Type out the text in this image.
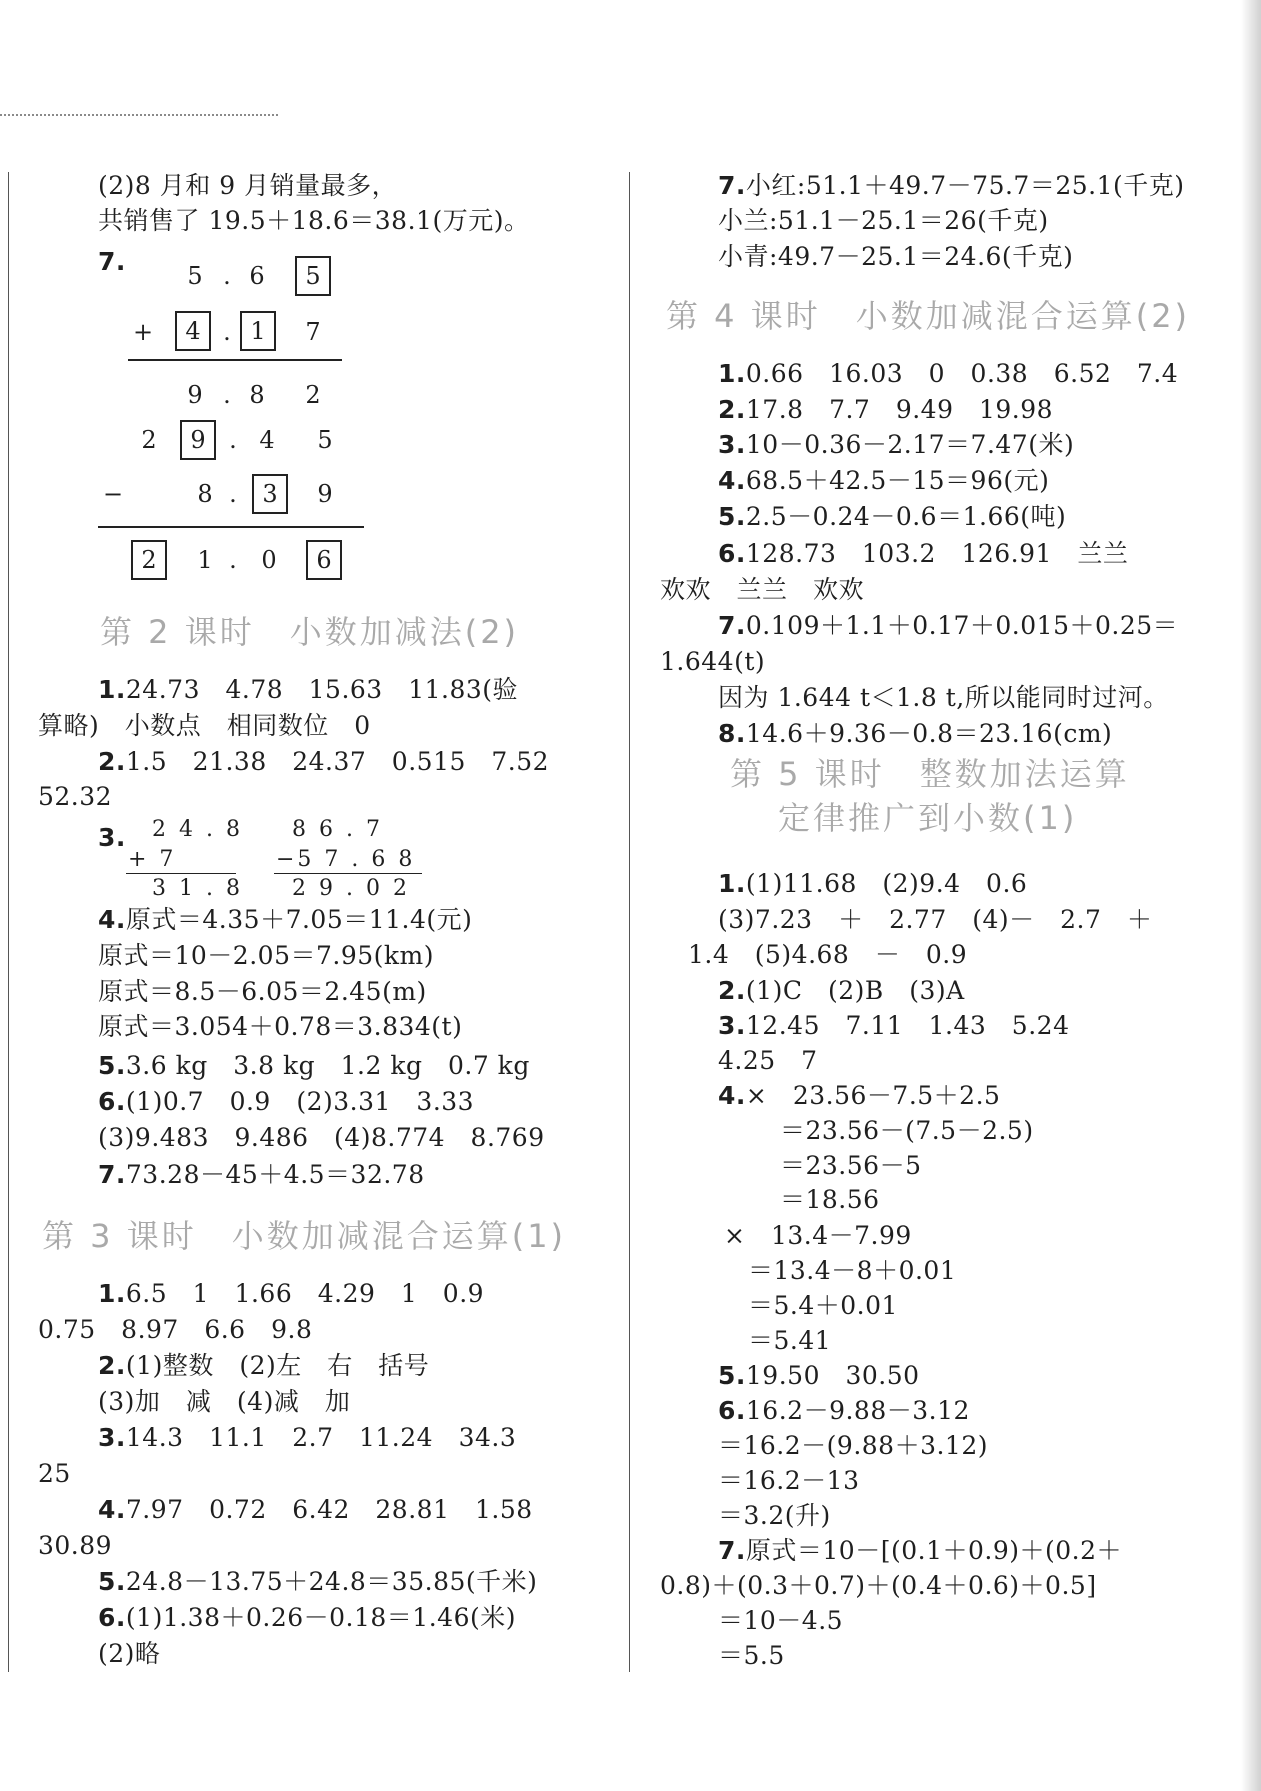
(2)8 月和 9 月销量最多，
共销售了 19.5＋18.6＝38.1(万元)。
7.	5 . 6	5
+	4 . 1	7
9 . 8 2
2	9 . 4 5
−	8 .	3	9
2	1 .	0	6
第 2 课时　小数加减法(2)
1.24.73　4.78　15.63　11.83(验
算略)　小数点　相同数位　0
2.1.5　21.38　24.37　0.515　7.52
52.32
3. 2 4 . 8
+ 7
3 1 . 8
8 6 . 7
−5 7 . 6 8
2 9 . 0 2
4.原式＝4.35＋7.05＝11.4(元)
原式＝10－2.05＝7.95(km)
原式＝8.5－6.05＝2.45(m)
原式＝3.054＋0.78＝3.834(t)
5.3.6 kg　3.8 kg　1.2 kg　0.7 kg
6.(1)0.7　0.9　(2)3.31　3.33
(3)9.483　9.486　(4)8.774　8.769
7.73.28－45＋4.5＝32.78
第 3 课时　小数加减混合运算(1)
1.6.5　1　1.66　4.29　1　0.9
0.75　8.97　6.6　9.8
2.(1)整数　(2)左　右　括号
(3)加　减　(4)减　加
3.14.3　11.1　2.7　11.24　34.3
25
4.7.97　0.72　6.42　28.81　1.58
30.89
5.24.8－13.75＋24.8＝35.85(千米)
6.(1)1.38＋0.26－0.18＝1.46(米)
(2)略
7.小红:51.1＋49.7－75.7＝25.1(千克)
小兰:51.1－25.1＝26(千克)
小青:49.7－25.1＝24.6(千克)
第 4 课时　小数加减混合运算(2)
1.0.66　16.03　0　0.38　6.52　7.4
2.17.8　7.7　9.49　19.98
3.10－0.36－2.17＝7.47(米)
4.68.5＋42.5－15＝96(元)
5.2.5－0.24－0.6＝1.66(吨)
6.128.73　103.2　126.91　兰兰
欢欢　兰兰　欢欢
7.0.109＋1.1＋0.17＋0.015＋0.25＝
1.644(t)
因为 1.644 t＜1.8 t,所以能同时过河。
8.14.6＋9.36－0.8＝23.16(cm)
第 5 课时　整数加法运算
定律推广到小数(1)
1.(1)11.68　(2)9.4　0.6
(3)7.23　＋　2.77　(4)－　2.7　＋
1.4　(5)4.68　－　0.9
2.(1)C　(2)B　(3)A
3.12.45　7.11　1.43　5.24
4.25　7
4.×　23.56－7.5＋2.5
＝23.56－(7.5－2.5)
＝23.56－5
＝18.56
×　13.4－7.99
＝13.4－8＋0.01
＝5.4＋0.01
＝5.41
5.19.50　30.50
6.16.2－9.88－3.12
＝16.2－(9.88＋3.12)
＝16.2－13
＝3.2(升)
7.原式＝10－[(0.1＋0.9)＋(0.2＋
0.8)＋(0.3＋0.7)＋(0.4＋0.6)＋0.5]
＝10－4.5
＝5.5
